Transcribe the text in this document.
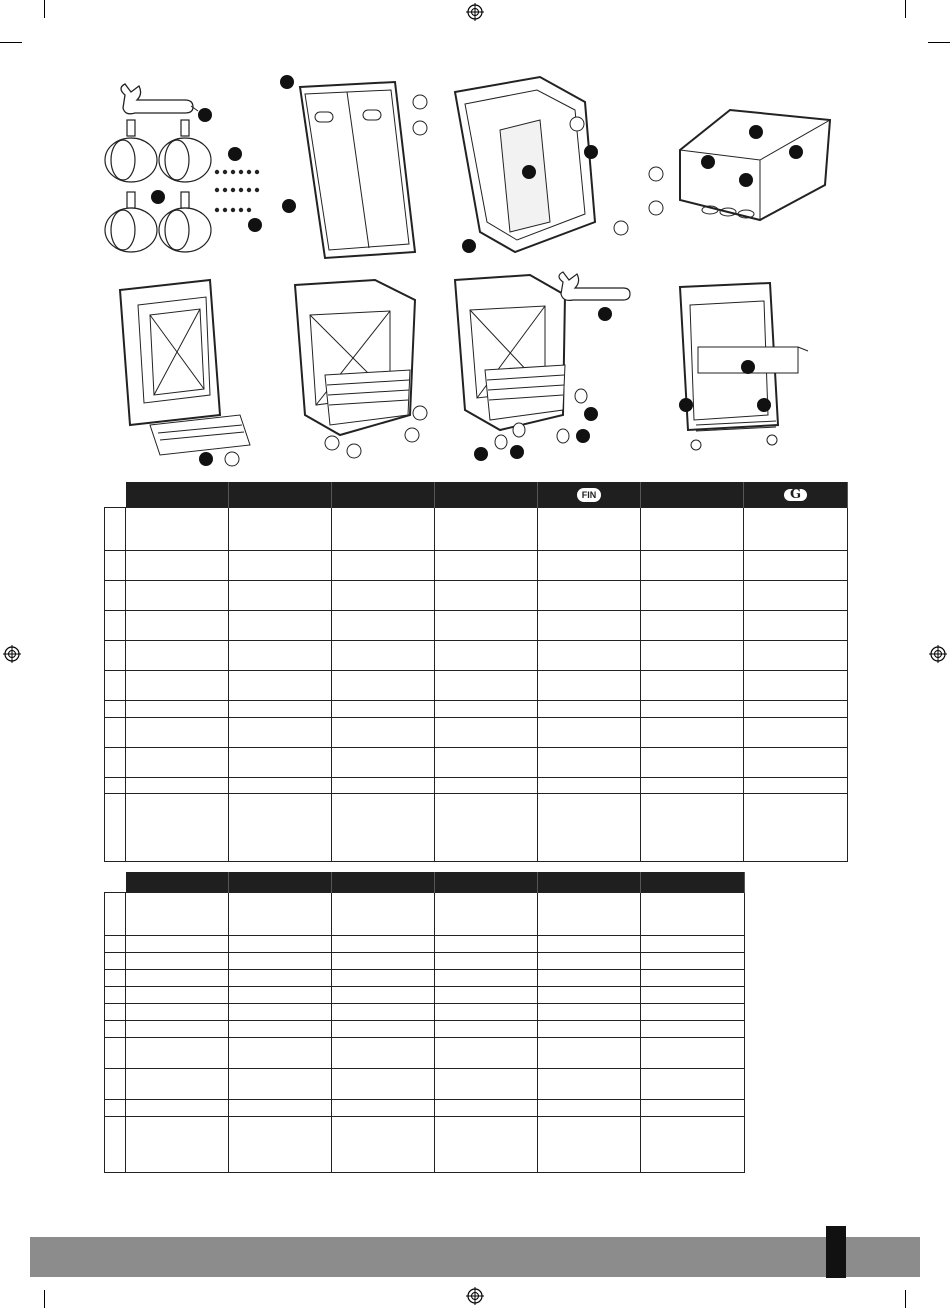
					FIN		G
